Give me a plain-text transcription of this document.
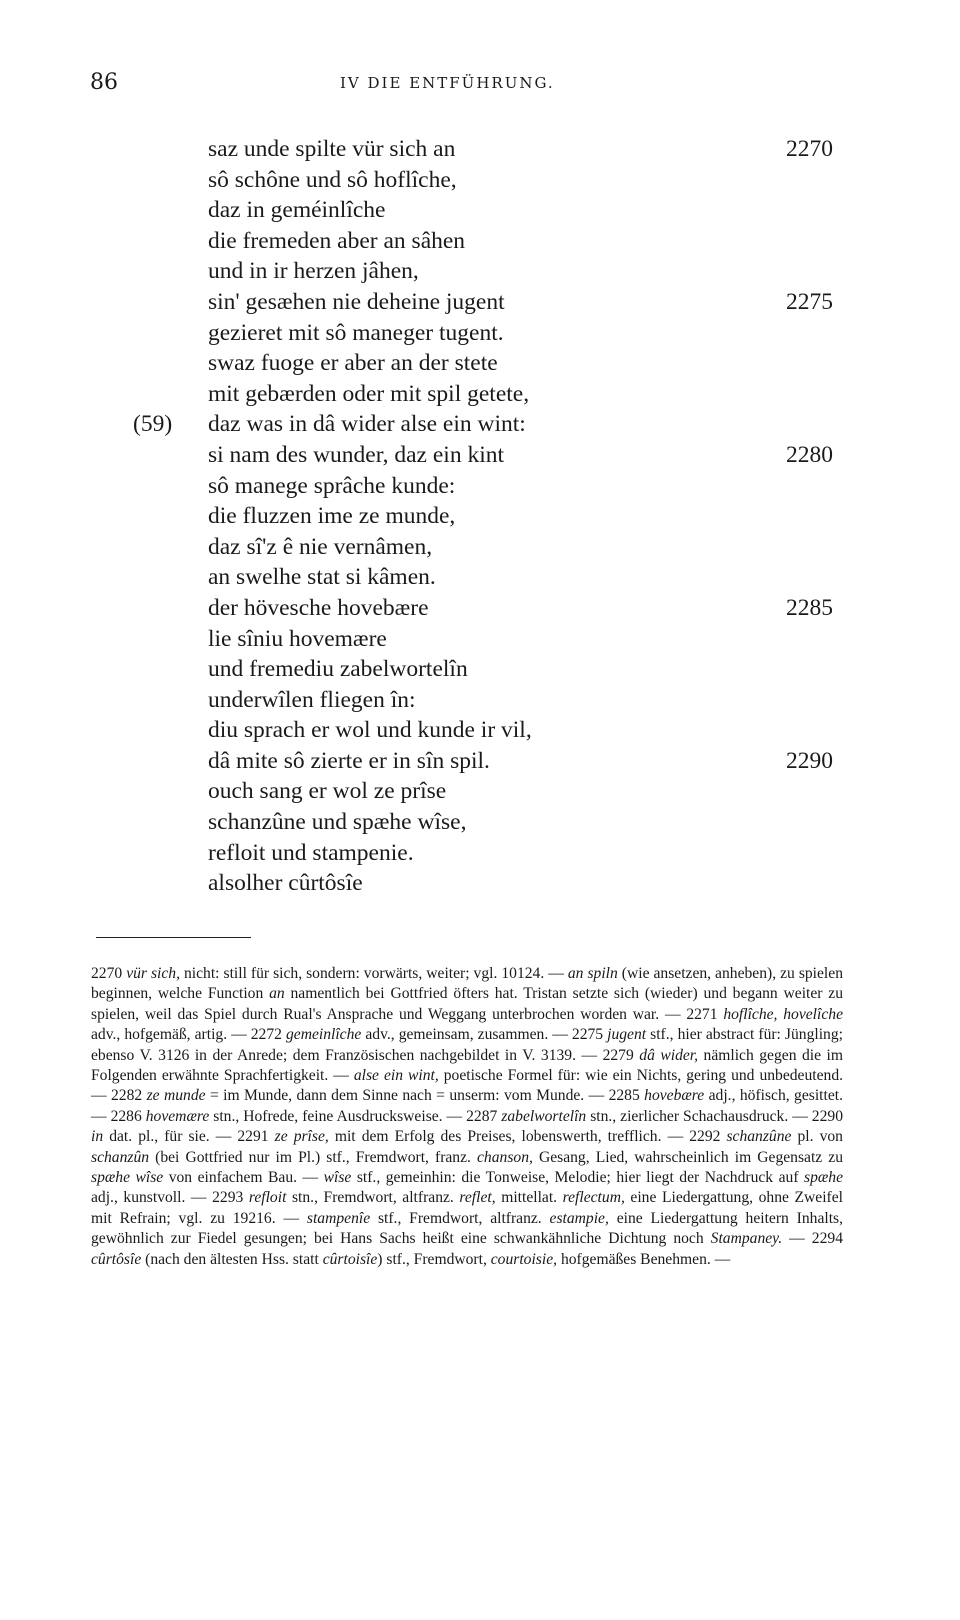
86	IV DIE ENTFÜHRUNG.
saz unde spilte vür sich an	2270
sô schône und sô hoflîche,
daz in geméinlîche
die fremeden aber an sâhen
und in ir herzen jâhen,
sin' gesæhen nie deheine jugent	2275
gezieret mit sô maneger tugent.
swaz fuoge er aber an der stete
mit gebærden oder mit spil getete,
(59) daz was in dâ wider alse ein wint:
si nam des wunder, daz ein kint	2280
sô manege sprâche kunde:
die fluzzen ime ze munde,
daz sî'z ê nie vernâmen,
an swelhe stat si kâmen.
der hövesche hovebære	2285
lie sîniu hovemære
und fremediu zabelwortelîn
underwîlen fliegen în:
diu sprach er wol und kunde ir vil,
dâ mite sô zierte er in sîn spil.	2290
ouch sang er wol ze prîse
schanzûne und spæhe wîse,
refloit und stampenie.
alsolher cûrtôsîe

2270 vür sich, nicht: still für sich, sondern: vorwärts, weiter; vgl. 10124. — an spiln (wie ansetzen, anheben), zu spielen beginnen, welche Function an namentlich bei Gottfried öfters hat. Tristan setzte sich (wieder) und begann weiter zu spielen, weil das Spiel durch Rual's Ansprache und Weggang unterbrochen worden war. — 2271 hoflîche, hovelîche adv., hofgemäß, artig. — 2272 gemeinlîche adv., gemeinsam, zusammen. — 2275 jugent stf., hier abstract für: Jüngling; ebenso V. 3126 in der Anrede; dem Französischen nachgebildet in V. 3139. — 2279 dâ wider, nämlich gegen die im Folgenden erwähnte Sprachfertigkeit. — alse ein wint, poetische Formel für: wie ein Nichts, gering und unbedeutend. — 2282 ze munde = im Munde, dann dem Sinne nach = unserm: vom Munde. — 2285 hovebære adj., höfisch, gesittet. — 2286 hovemære stn., Hofrede, feine Ausdrucksweise. — 2287 zabelwortelîn stn., zierlicher Schachausdruck. — 2290 in dat. pl., für sie. — 2291 ze prîse, mit dem Erfolg des Preises, lobenswerth, trefflich. — 2292 schanzûne pl. von schanzûn (bei Gottfried nur im Pl.) stf., Fremdwort, franz. chanson, Gesang, Lied, wahrscheinlich im Gegensatz zu spæhe wîse von einfachem Bau. — wîse stf., gemeinhin: die Tonweise, Melodie; hier liegt der Nachdruck auf spæhe adj., kunstvoll. — 2293 refloit stn., Fremdwort, altfranz. reflet, mittellat. reflectum, eine Liedergattung, ohne Zweifel mit Refrain; vgl. zu 19216. — stampenîe stf., Fremdwort, altfranz. estampie, eine Liedergattung heitern Inhalts, gewöhnlich zur Fiedel gesungen; bei Hans Sachs heißt eine schwankähnliche Dichtung noch Stampaney. — 2294 cûrtôsîe (nach den ältesten Hss. statt cûrtoisîe) stf., Fremdwort, courtoisie, hofgemäßes Benehmen. —
